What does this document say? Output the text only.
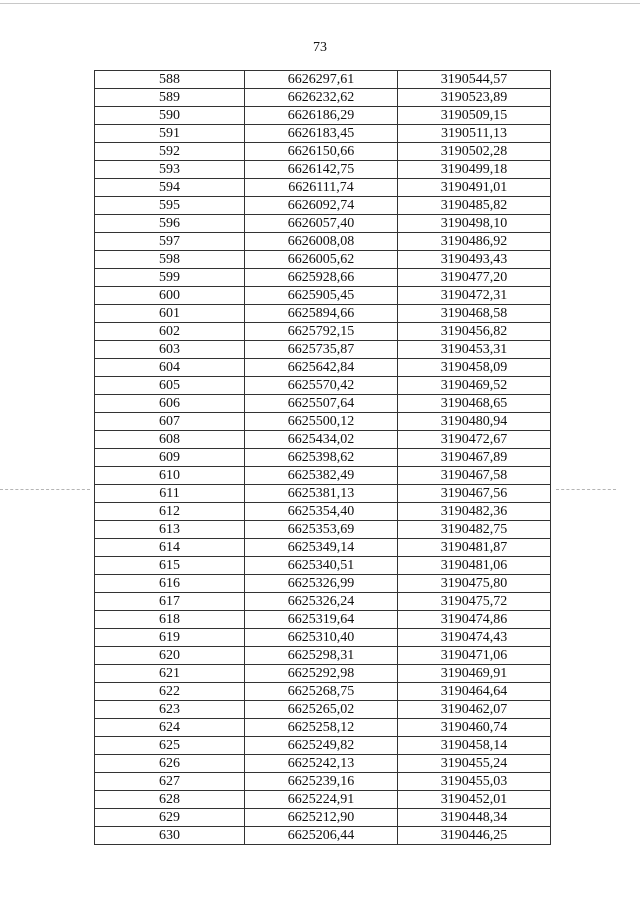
73
588	6626297,61	3190544,57
589	6626232,62	3190523,89
590	6626186,29	3190509,15
591	6626183,45	3190511,13
592	6626150,66	3190502,28
593	6626142,75	3190499,18
594	6626111,74	3190491,01
595	6626092,74	3190485,82
596	6626057,40	3190498,10
597	6626008,08	3190486,92
598	6626005,62	3190493,43
599	6625928,66	3190477,20
600	6625905,45	3190472,31
601	6625894,66	3190468,58
602	6625792,15	3190456,82
603	6625735,87	3190453,31
604	6625642,84	3190458,09
605	6625570,42	3190469,52
606	6625507,64	3190468,65
607	6625500,12	3190480,94
608	6625434,02	3190472,67
609	6625398,62	3190467,89
610	6625382,49	3190467,58
611	6625381,13	3190467,56
612	6625354,40	3190482,36
613	6625353,69	3190482,75
614	6625349,14	3190481,87
615	6625340,51	3190481,06
616	6625326,99	3190475,80
617	6625326,24	3190475,72
618	6625319,64	3190474,86
619	6625310,40	3190474,43
620	6625298,31	3190471,06
621	6625292,98	3190469,91
622	6625268,75	3190464,64
623	6625265,02	3190462,07
624	6625258,12	3190460,74
625	6625249,82	3190458,14
626	6625242,13	3190455,24
627	6625239,16	3190455,03
628	6625224,91	3190452,01
629	6625212,90	3190448,34
630	6625206,44	3190446,25
